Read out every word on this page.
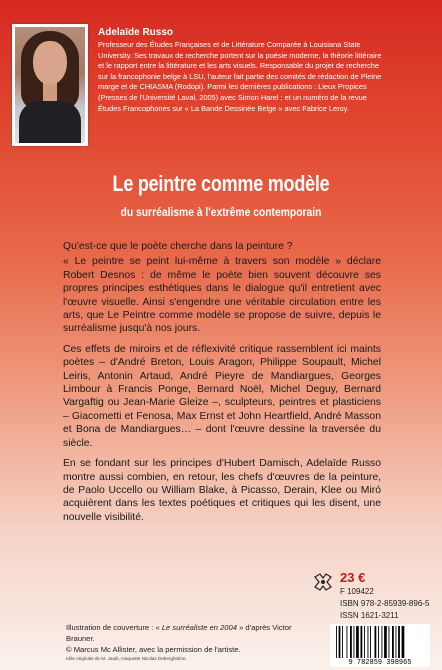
Adelaïde Russo
Professeur des Études Françaises et de Littérature Comparée à Louisiana State
University. Ses travaux de recherche portent sur la poésie moderne, la théorie littéraire
et le rapport entre la littérature et les arts visuels. Responsable du projet de recherche
sur la francophonie belge à LSU, l'auteur fait partie des comités de rédaction de Pleine
marge et de CHIASMA (Rodopi). Parmi les dernières publications : Lieux Propices
(Presses de l'Université Laval, 2005) avec Simon Harel ; et un numéro de la revue
Études Francophones sur « La Bande Dessinée Belge » avec Fabrice Leroy.
Le peintre comme modèle
du surréalisme à l'extrême contemporain

Qu'est-ce que le poète cherche dans la peinture ?

« Le peintre se peint lui-même à travers son modèle » déclare Robert Desnos : de même le poète bien souvent découvre ses propres principes esthétiques dans le dialogue qu'il entretient avec l'œuvre visuelle. Ainsi s'engendre une véritable circulation entre les arts, que Le Peintre comme modèle se propose de suivre, depuis le surréalisme jusqu'à nos jours.

Ces effets de miroirs et de réflexivité critique rassemblent ici maints poètes – d'André Breton, Louis Aragon, Philippe Soupault, Michel Leiris, Antonin Artaud, André Pieyre de Mandiargues, Georges Limbour à Francis Ponge, Bernard Noël, Michel Deguy, Bernard Vargaftig ou Jean-Marie Gleize –, sculpteurs, peintres et plasticiens – Giacometti et Fenosa, Max Ernst et John Heartfield, André Masson et Bona de Mandiargues… – dont l'œuvre dessine la traversée du siècle.

En se fondant sur les principes d'Hubert Damisch, Adelaïde Russo montre aussi combien, en retour, les chefs d'œuvres de la peinture, de Paolo Uccello ou William Blake, à Picasso, Derain, Klee ou Miró acquièrent dans les textes poétiques et critiques qui les disent, une nouvelle visibilité.

23 €
F 109422
ISBN 978-2-85939-896-5
ISSN 1621-3211
9 782859 398965
Illustration de couverture : « Le surréaliste en 2004 » d'après Victor Brauner.
© Marcus Mc Allister, avec la permission de l'artiste.
Idée originale de M. Jaulé, maquette Nicolas Debergholme.
